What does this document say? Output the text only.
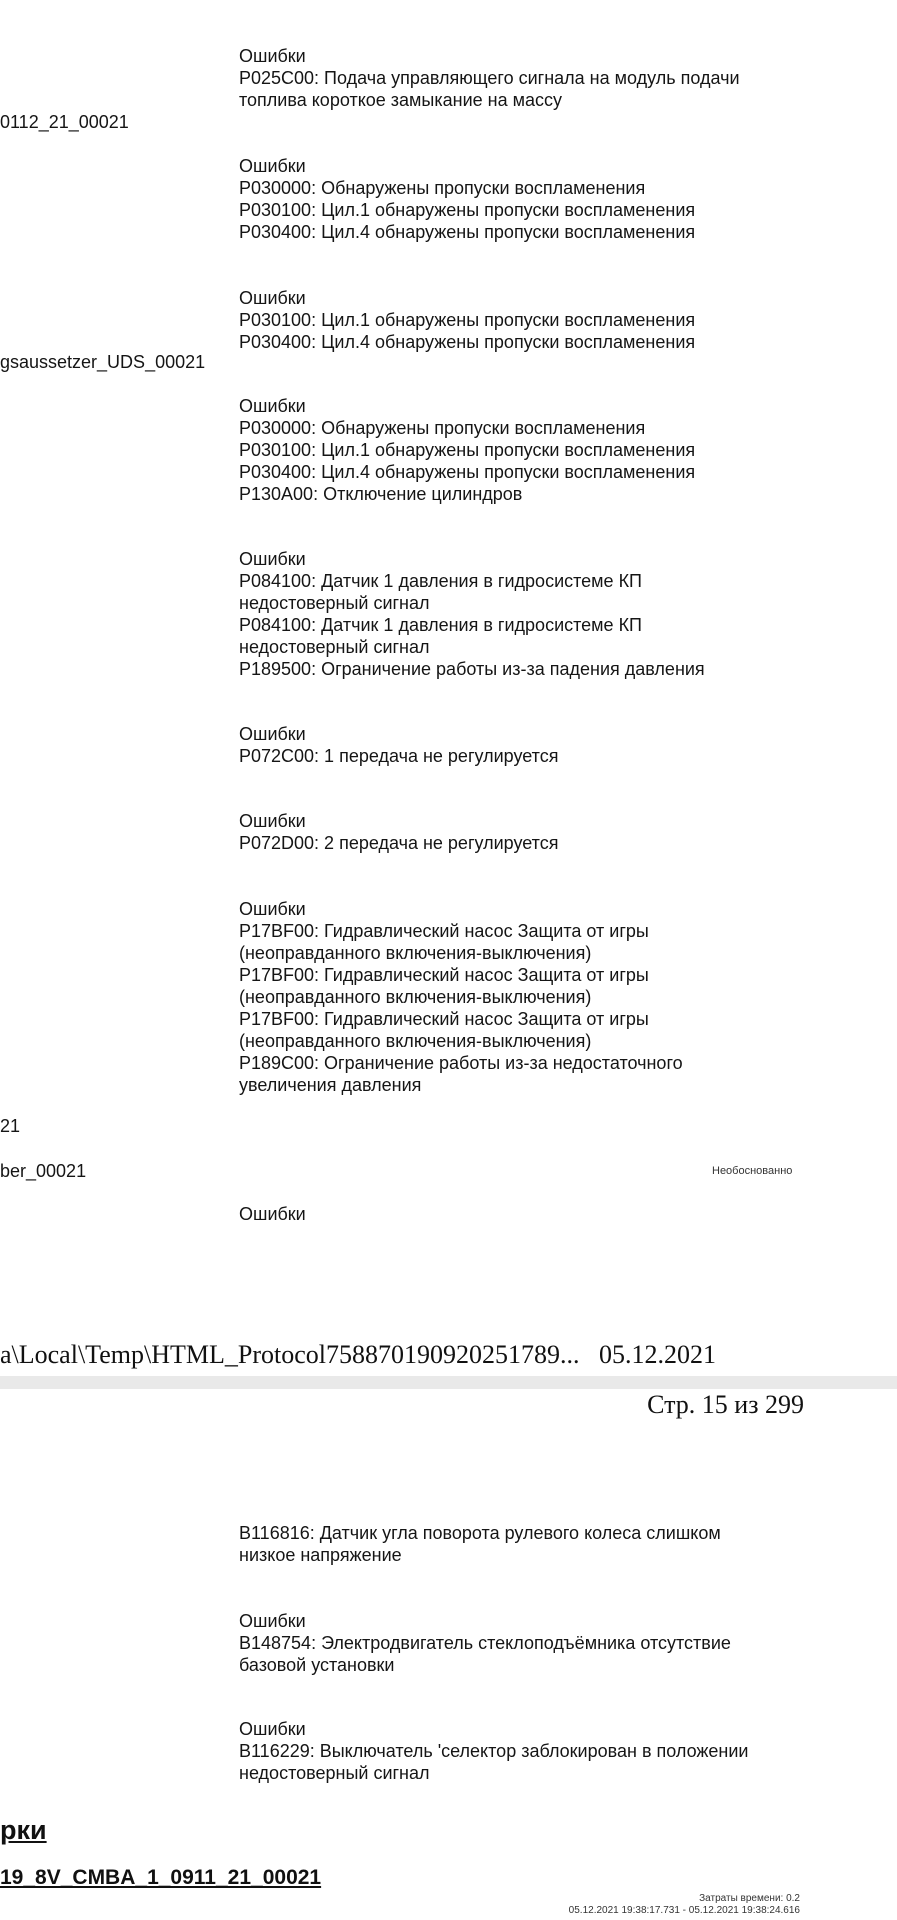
0112_21_00021
gsaussetzer_UDS_00021
21
ber_00021
Ошибки
P025C00: Подача управляющего сигнала на модуль подачи
топлива короткое замыкание на массу
Ошибки
P030000: Обнаружены пропуски воспламенения
P030100: Цил.1 обнаружены пропуски воспламенения
P030400: Цил.4 обнаружены пропуски воспламенения
Ошибки
P030100: Цил.1 обнаружены пропуски воспламенения
P030400: Цил.4 обнаружены пропуски воспламенения
Ошибки
P030000: Обнаружены пропуски воспламенения
P030100: Цил.1 обнаружены пропуски воспламенения
P030400: Цил.4 обнаружены пропуски воспламенения
P130A00: Отключение цилиндров
Ошибки
P084100: Датчик 1 давления в гидросистеме КП
недостоверный сигнал
P084100: Датчик 1 давления в гидросистеме КП
недостоверный сигнал
P189500: Ограничение работы из-за падения давления
Ошибки
P072C00: 1 передача не регулируется
Ошибки
P072D00: 2 передача не регулируется
Ошибки
P17BF00: Гидравлический насос Защита от игры
(неоправданного включения-выключения)
P17BF00: Гидравлический насос Защита от игры
(неоправданного включения-выключения)
P17BF00: Гидравлический насос Защита от игры
(неоправданного включения-выключения)
P189C00: Ограничение работы из-за недостаточного
увеличения давления
Необоснованно
Ошибки
a\Local\Temp\HTML_Protocol758870190920251789... 05.12.2021
Стр. 15 из 299
B116816: Датчик угла поворота рулевого колеса слишком
низкое напряжение
Ошибки
B148754: Электродвигатель стеклоподъёмника отсутствие
базовой установки
Ошибки
B116229: Выключатель 'селектор заблокирован в положении
недостоверный сигнал
рки
19_8V_CMBA_1_0911_21_00021
Затраты времени: 0.2
05.12.2021 19:38:17.731 - 05.12.2021 19:38:24.616
